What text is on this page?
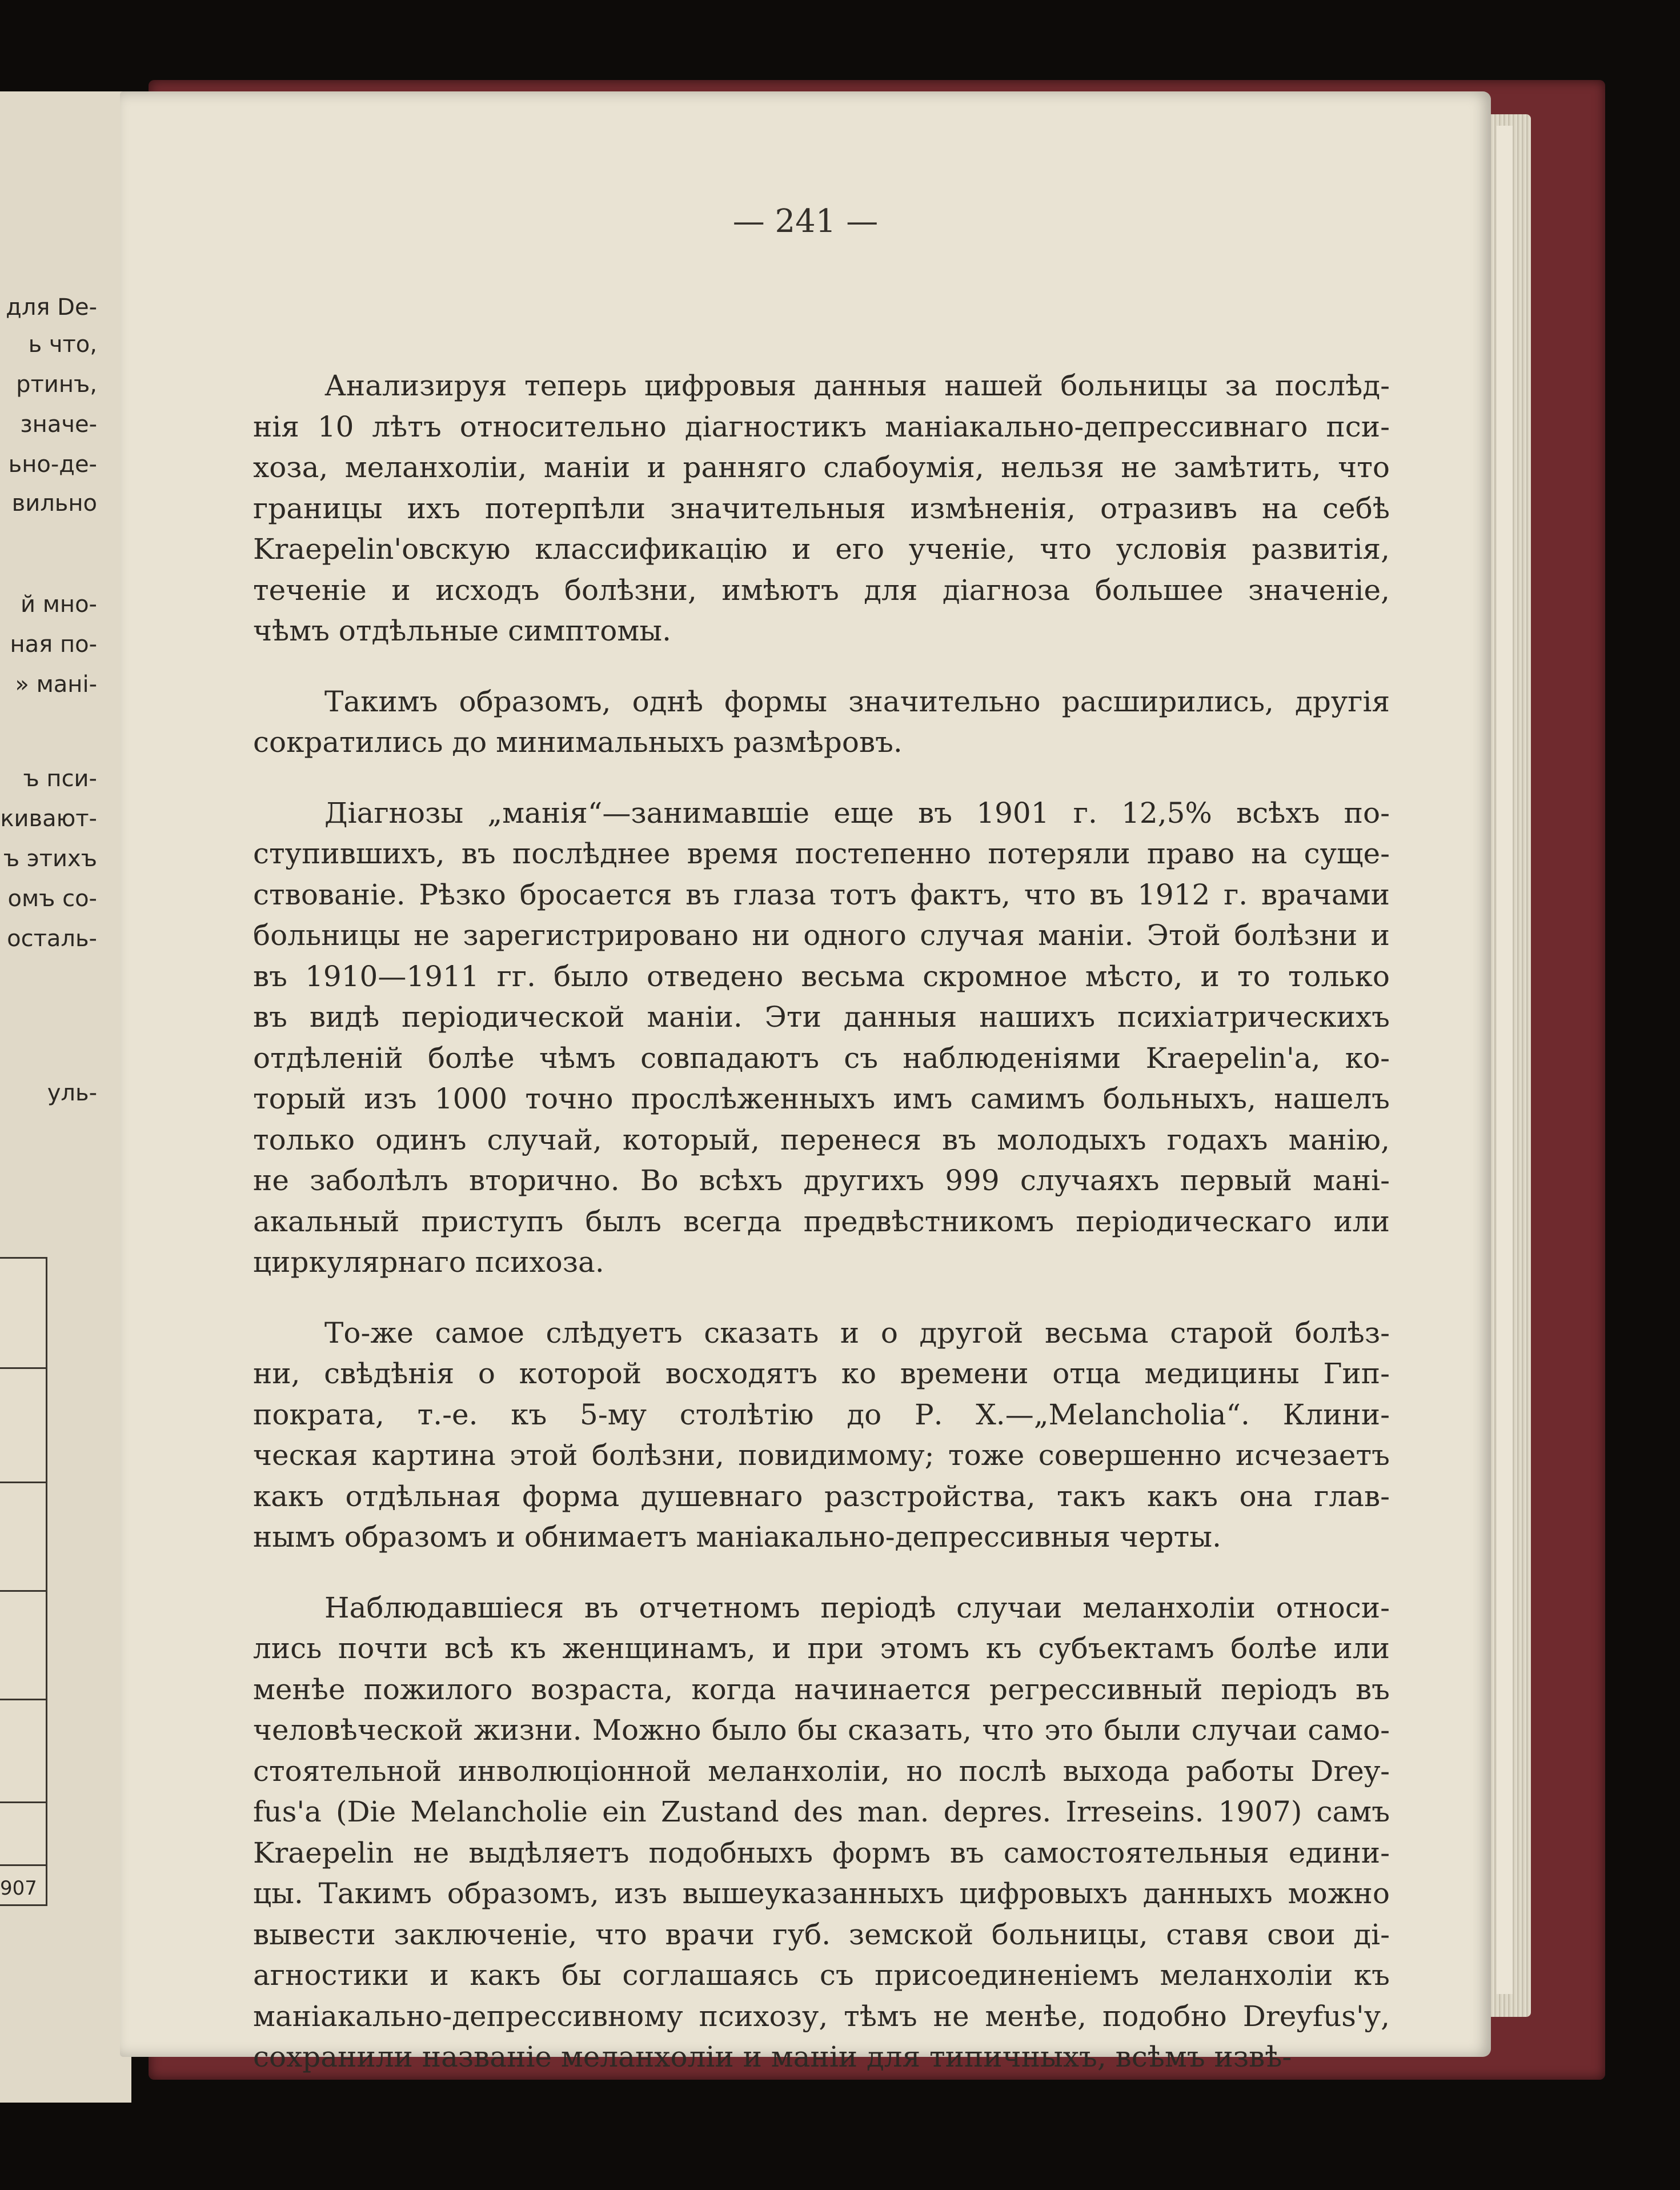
для De-
ь что,
ртинъ,
значе-
ьно-де-
вильно
й мно-
ная по-
» мані-
ъ пси-
кивают-
ъ этихъ
омъ со-
осталь-
уль-
907
— 241 —
Анализируя теперь цифровыя данныя нашей больницы за послѣд-
нія 10 лѣтъ относительно діагностикъ маніакально-депрессивнаго пси-
хоза, меланхоліи, маніи и ранняго слабоумія, нельзя не замѣтить, что
границы ихъ потерпѣли значительныя измѣненія, отразивъ на себѣ
Kraepelin'овскую классификацію и его ученіе, что условія развитія,
теченіе и исходъ болѣзни, имѣютъ для діагноза большее значеніе,
чѣмъ отдѣльные симптомы.
Такимъ образомъ, однѣ формы значительно расширились, другія
сократились до минимальныхъ размѣровъ.
Діагнозы „манія“—занимавшіе еще въ 1901 г. 12,5% всѣхъ по-
ступившихъ, въ послѣднее время постепенно потеряли право на суще-
ствованіе. Рѣзко бросается въ глаза тотъ фактъ, что въ 1912 г. врачами
больницы не зарегистрировано ни одного случая маніи. Этой болѣзни и
въ 1910—1911 гг. было отведено весьма скромное мѣсто, и то только
въ видѣ періодической маніи. Эти данныя нашихъ психіатрическихъ
отдѣленій болѣе чѣмъ совпадаютъ съ наблюденіями Kraepelin'a, ко-
торый изъ 1000 точно прослѣженныхъ имъ самимъ больныхъ, нашелъ
только одинъ случай, который, перенеся въ молодыхъ годахъ манію,
не заболѣлъ вторично. Во всѣхъ другихъ 999 случаяхъ первый мані-
акальный приступъ былъ всегда предвѣстникомъ періодическаго или
циркулярнаго психоза.
То-же самое слѣдуетъ сказать и о другой весьма старой болѣз-
ни, свѣдѣнія о которой восходятъ ко времени отца медицины Гип-
пократа, т.-е. къ 5-му столѣтію до Р. Х.—„Melancholia“. Клини-
ческая картина этой болѣзни, повидимому; тоже совершенно исчезаетъ
какъ отдѣльная форма душевнаго разстройства, такъ какъ она глав-
нымъ образомъ и обнимаетъ маніакально-депрессивныя черты.
Наблюдавшіеся въ отчетномъ періодѣ случаи меланхоліи относи-
лись почти всѣ къ женщинамъ, и при этомъ къ субъектамъ болѣе или
менѣе пожилого возраста, когда начинается регрессивный періодъ въ
человѣческой жизни. Можно было бы сказать, что это были случаи само-
стоятельной инволюціонной меланхоліи, но послѣ выхода работы Drey-
fus'a (Die Melancholie ein Zustand des man. depres. Irreseins. 1907) самъ
Kraepelin не выдѣляетъ подобныхъ формъ въ самостоятельныя едини-
цы. Такимъ образомъ, изъ вышеуказанныхъ цифровыхъ данныхъ можно
вывести заключеніе, что врачи губ. земской больницы, ставя свои ді-
агностики и какъ бы соглашаясь съ присоединеніемъ меланхоліи къ
маніакально-депрессивному психозу, тѣмъ не менѣе, подобно Dreyfus'у,
сохранили названіе меланхоліи и маніи для типичныхъ, всѣмъ извѣ-
